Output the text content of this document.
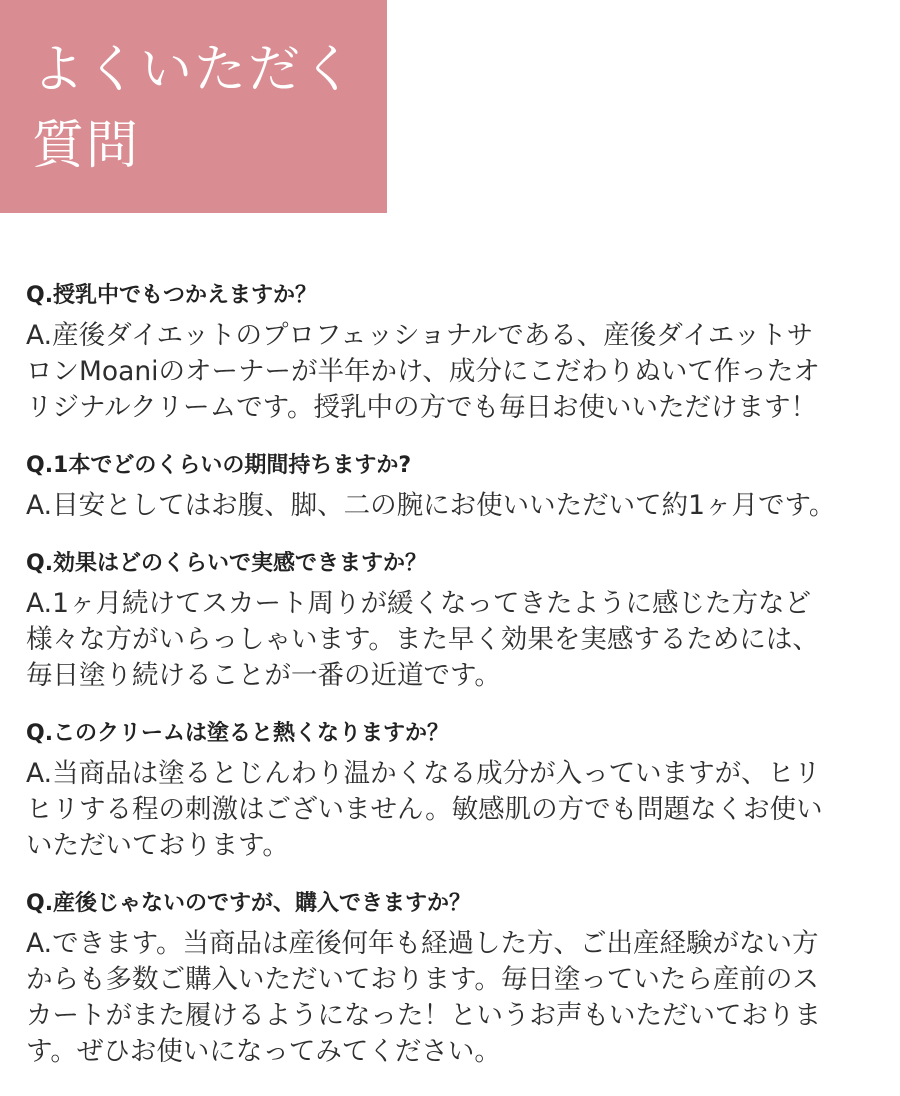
よくいただく
質問
Q.授乳中でもつかえますか？

A.産後ダイエットのプロフェッショナルである、産後ダイエットサ
ロンMoaniのオーナーが半年かけ、成分にこだわりぬいて作ったオ
リジナルクリームです。授乳中の方でも毎日お使いいただけます！

Q.1本でどのくらいの期間持ちますか?

A.目安としてはお腹、脚、二の腕にお使いいただいて約1ヶ月です。

Q.効果はどのくらいで実感できますか？

A.1ヶ月続けてスカート周りが緩くなってきたように感じた方など
様々な方がいらっしゃいます。また早く効果を実感するためには、
毎日塗り続けることが一番の近道です。

Q.このクリームは塗ると熱くなりますか？

A.当商品は塗るとじんわり温かくなる成分が入っていますが、ヒリ
ヒリする程の刺激はございません。敏感肌の方でも問題なくお使い
いただいております。

Q.産後じゃないのですが、購入できますか？

A.できます。当商品は産後何年も経過した方、ご出産経験がない方
からも多数ご購入いただいております。毎日塗っていたら産前のス
カートがまた履けるようになった！というお声もいただいておりま
す。ぜひお使いになってみてください。
